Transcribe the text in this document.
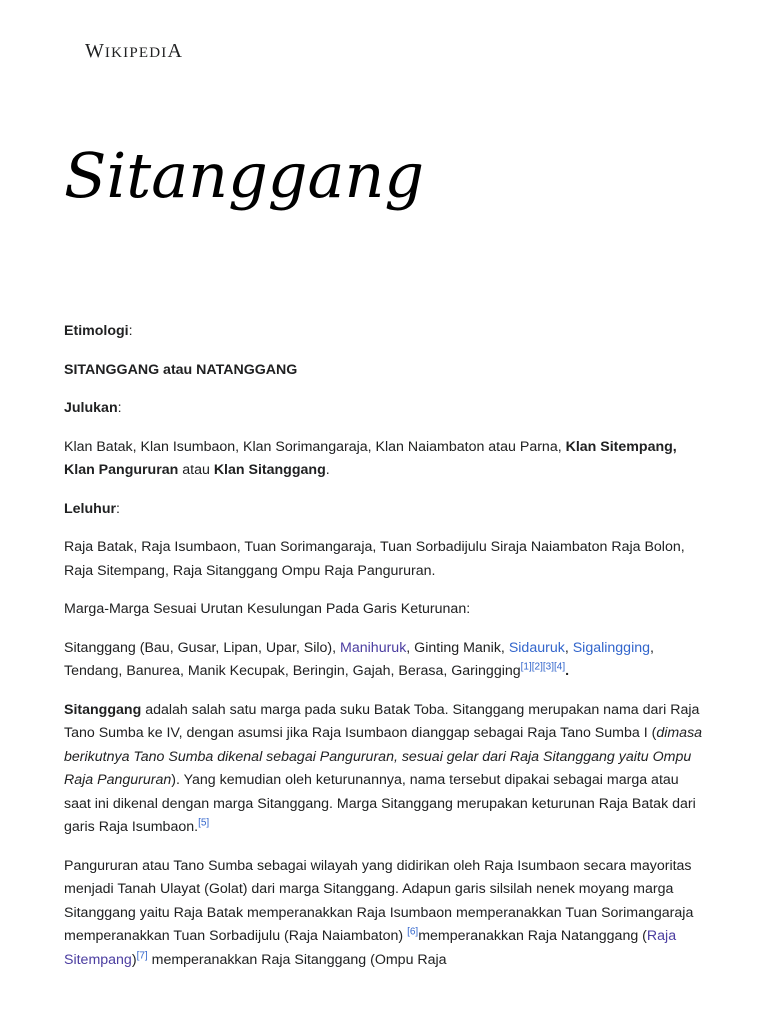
WIKIPEDIA
Sitanggang

Etimologi:

SITANGGANG atau NATANGGANG

Julukan:

Klan Batak, Klan Isumbaon, Klan Sorimangaraja, Klan Naiambaton atau Parna, Klan Sitempang, Klan Pangururan atau Klan Sitanggang.

Leluhur:

Raja Batak, Raja Isumbaon, Tuan Sorimangaraja, Tuan Sorbadijulu Siraja Naiambaton Raja Bolon, Raja Sitempang, Raja Sitanggang Ompu Raja Pangururan.

Marga-Marga Sesuai Urutan Kesulungan Pada Garis Keturunan:

Sitanggang (Bau, Gusar, Lipan, Upar, Silo), Manihuruk, Ginting Manik, Sidauruk, Sigalingging, Tendang, Banurea, Manik Kecupak, Beringin, Gajah, Berasa, Garingging[1][2][3][4].

Sitanggang adalah salah satu marga pada suku Batak Toba. Sitanggang merupakan nama dari Raja Tano Sumba ke IV, dengan asumsi jika Raja Isumbaon dianggap sebagai Raja Tano Sumba I (dimasa berikutnya Tano Sumba dikenal sebagai Pangururan, sesuai gelar dari Raja Sitanggang yaitu Ompu Raja Pangururan). Yang kemudian oleh keturunannya, nama tersebut dipakai sebagai marga atau saat ini dikenal dengan marga Sitanggang. Marga Sitanggang merupakan keturunan Raja Batak dari garis Raja Isumbaon.[5]

Pangururan atau Tano Sumba sebagai wilayah yang didirikan oleh Raja Isumbaon secara mayoritas menjadi Tanah Ulayat (Golat) dari marga Sitanggang. Adapun garis silsilah nenek moyang marga Sitanggang yaitu Raja Batak memperanakkan Raja Isumbaon memperanakkan Tuan Sorimangaraja memperanakkan Tuan Sorbadijulu (Raja Naiambaton) [6]memperanakkan Raja Natanggang (Raja Sitempang)[7] memperanakkan Raja Sitanggang (Ompu Raja
